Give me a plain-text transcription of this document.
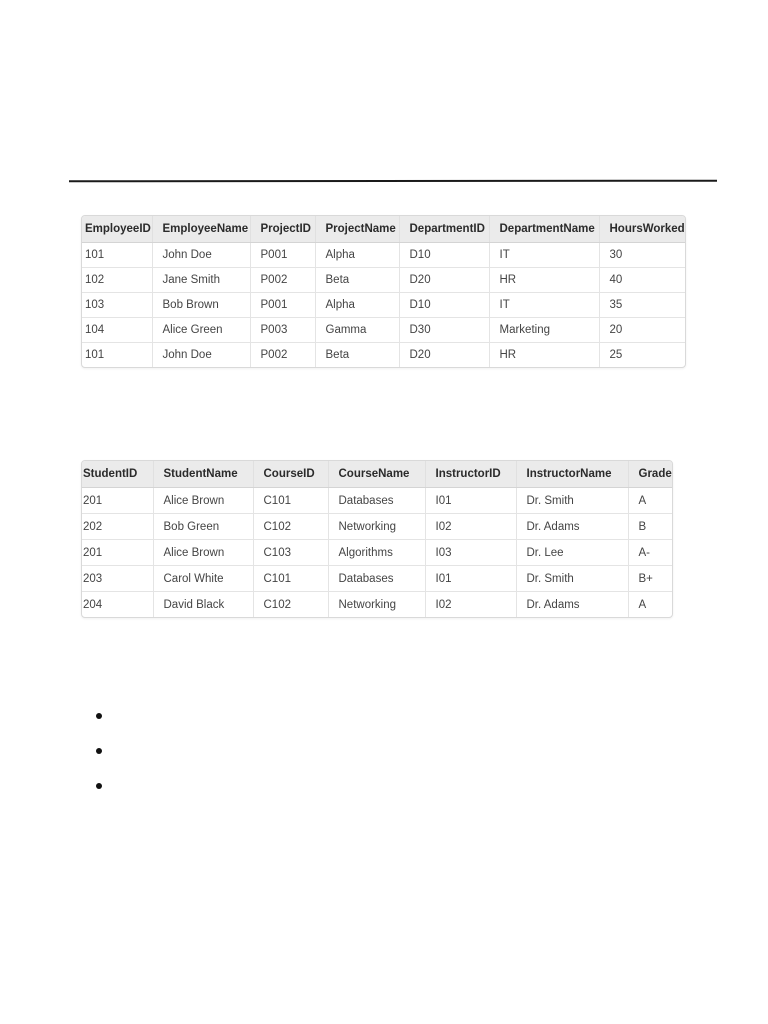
EmployeeID	EmployeeName	ProjectID	ProjectName	DepartmentID	DepartmentName	HoursWorked

101	John Doe	P001	Alpha	D10	IT	30

102	Jane Smith	P002	Beta	D20	HR	40

103	Bob Brown	P001	Alpha	D10	IT	35

104	Alice Green	P003	Gamma	D30	Marketing	20

101	John Doe	P002	Beta	D20	HR	25
StudentID	StudentName	CourseID	CourseName	InstructorID	InstructorName	Grade

201	Alice Brown	C101	Databases	I01	Dr. Smith	A

202	Bob Green	C102	Networking	I02	Dr. Adams	B

201	Alice Brown	C103	Algorithms	I03	Dr. Lee	A-

203	Carol White	C101	Databases	I01	Dr. Smith	B+

204	David Black	C102	Networking	I02	Dr. Adams	A
